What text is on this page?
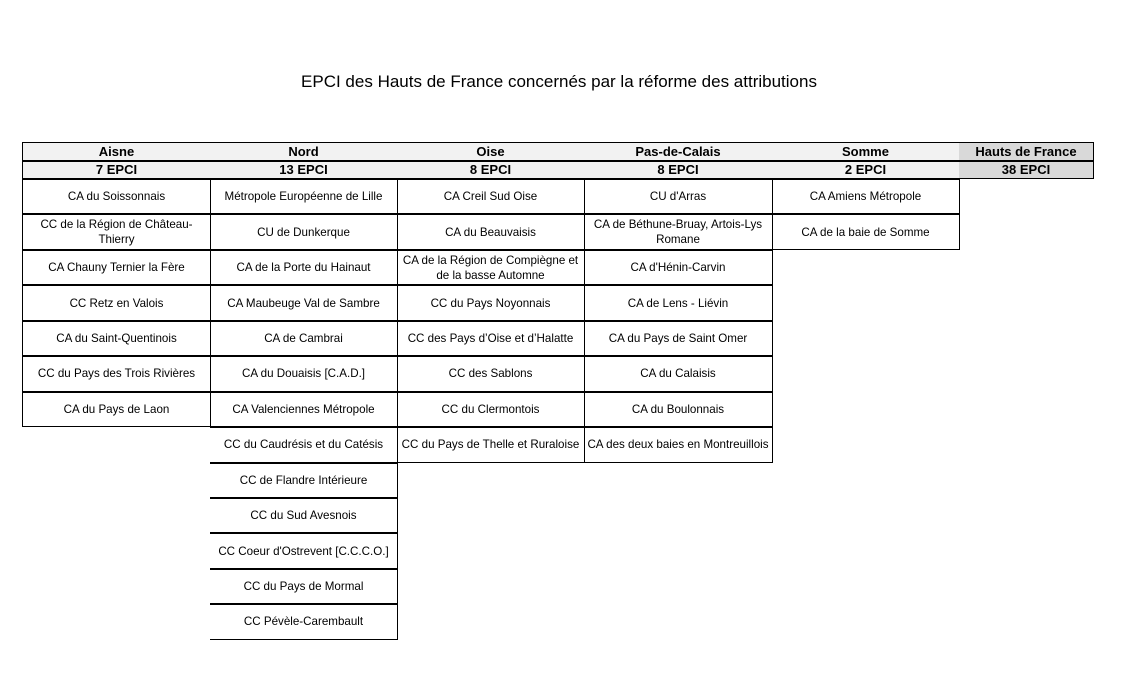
EPCI des Hauts de France concernés par la réforme des attributions
Aisne
7 EPCI
CA du Soissonnais
CC de la Région de Château-Thierry
CA Chauny Ternier la Fère
CC Retz en Valois
CA du Saint-Quentinois
CC du Pays des Trois Rivières
CA du Pays de Laon
Nord
13 EPCI
Métropole Européenne de Lille
CU de Dunkerque
CA de la Porte du Hainaut
CA Maubeuge Val de Sambre
CA de Cambrai
CA du Douaisis [C.A.D.]
CA Valenciennes Métropole
CC du Caudrésis et du Catésis
CC de Flandre Intérieure
CC du Sud Avesnois
CC Coeur d'Ostrevent [C.C.C.O.]
CC du Pays de Mormal
CC Pévèle-Carembault
Oise
8 EPCI
CA Creil Sud Oise
CA du Beauvaisis
CA de la Région de Compiègne et de la basse Automne
CC du Pays Noyonnais
CC des Pays d’Oise et d’Halatte
CC des Sablons
CC du Clermontois
CC du Pays de Thelle et Ruraloise
Pas-de-Calais
8 EPCI
CU d'Arras
CA de Béthune-Bruay, Artois-Lys Romane
CA d'Hénin-Carvin
CA de Lens - Liévin
CA du Pays de Saint Omer
CA du Calaisis
CA du Boulonnais
CA des deux baies en Montreuillois
Somme
2 EPCI
CA Amiens Métropole
CA de la baie de Somme
Hauts de France
38 EPCI
